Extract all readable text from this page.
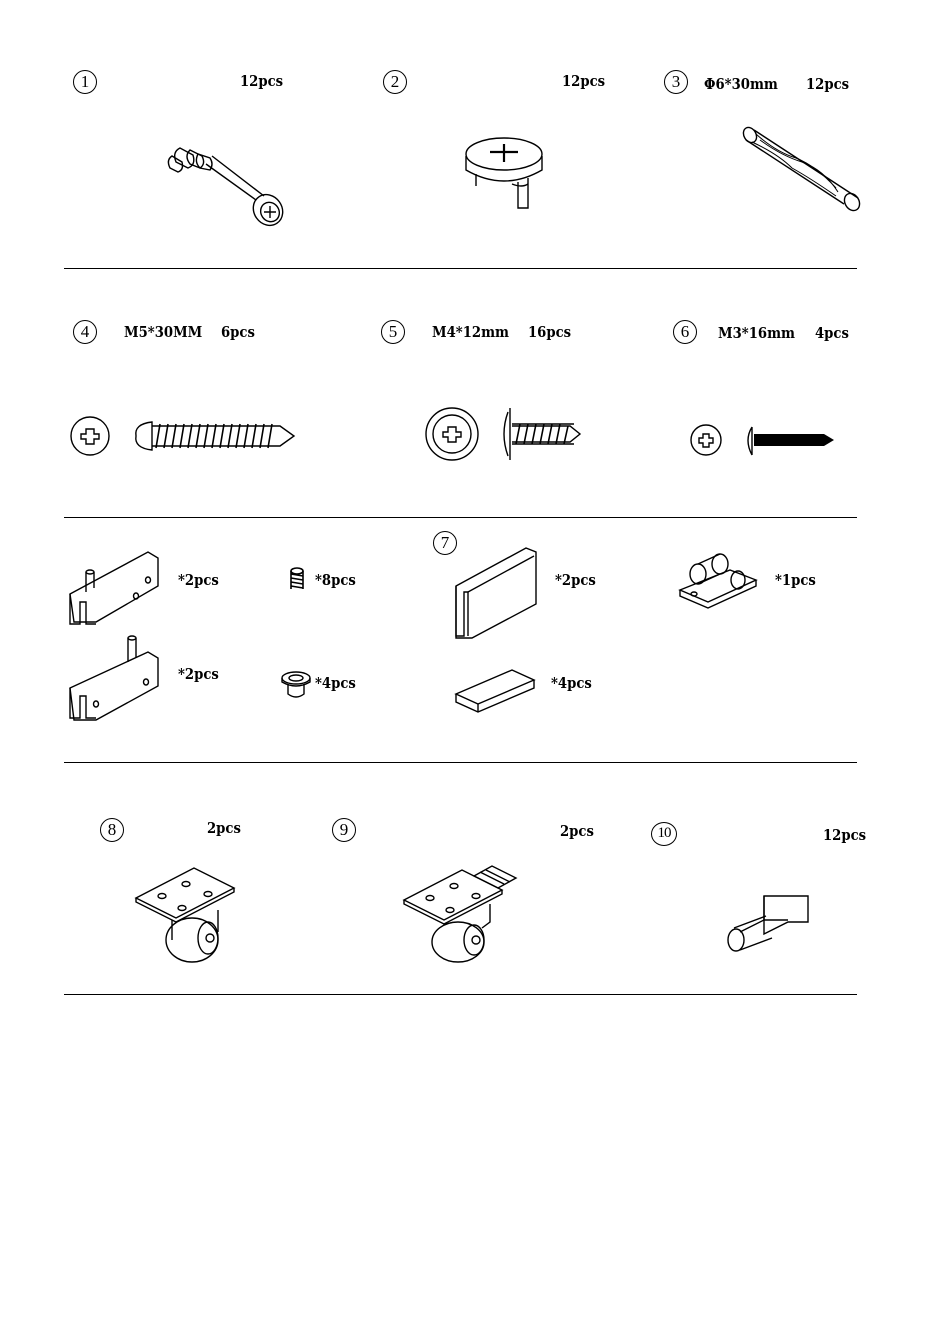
1	12pcs	2	12pcs	3	Φ6*30mm 12pcs
4	M5*30MM 6pcs	5	M4*12mm 16pcs	6	M3*16mm 4pcs
*2pcs	*8pcs
*2pcs	*4pcs
7
*2pcs
*4pcs
*1pcs
8	2pcs	9	2pcs	10	12pcs
